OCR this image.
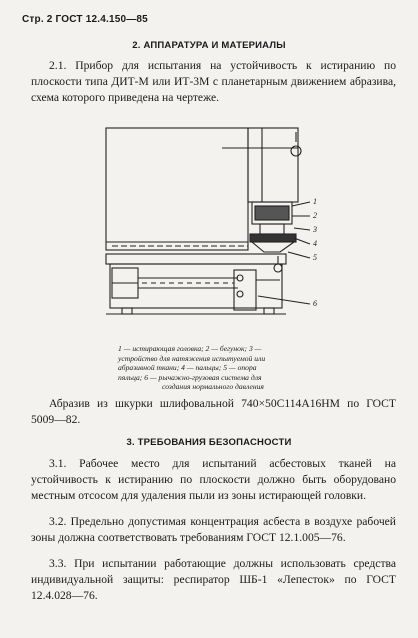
Стр. 2 ГОСТ 12.4.150—85
2. АППАРАТУРА И МАТЕРИАЛЫ

2.1. Прибор для испытания на устойчивость к истиранию по плоскости типа ДИТ-М или ИТ-3М с планетарным движением абразива, схема которого приведена на чертеже.

1
2
3
4
5
6
1 — истирающая головка; 2 — бегунок; 3 —
устройство для натяжения испытуемой или
абразивной ткани; 4 — пальцы; 5 — опора
пяльца; 6 — рычажно-грузовая система для
создания нормального давления

Абразив из шкурки шлифовальной 740×50С114А16НМ по ГОСТ 5009—82.

3. ТРЕБОВАНИЯ БЕЗОПАСНОСТИ

3.1. Рабочее место для испытаний асбестовых тканей на устойчивость к истиранию по плоскости должно быть оборудовано местным отсосом для удаления пыли из зоны истирающей головки.

3.2. Предельно допустимая концентрация асбеста в воздухе рабочей зоны должна соответствовать требованиям ГОСТ 12.1.005—76.

3.3. При испытании работающие должны использовать средства индивидуальной защиты: респиратор ШБ-1 «Лепесток» по ГОСТ 12.4.028—76.
